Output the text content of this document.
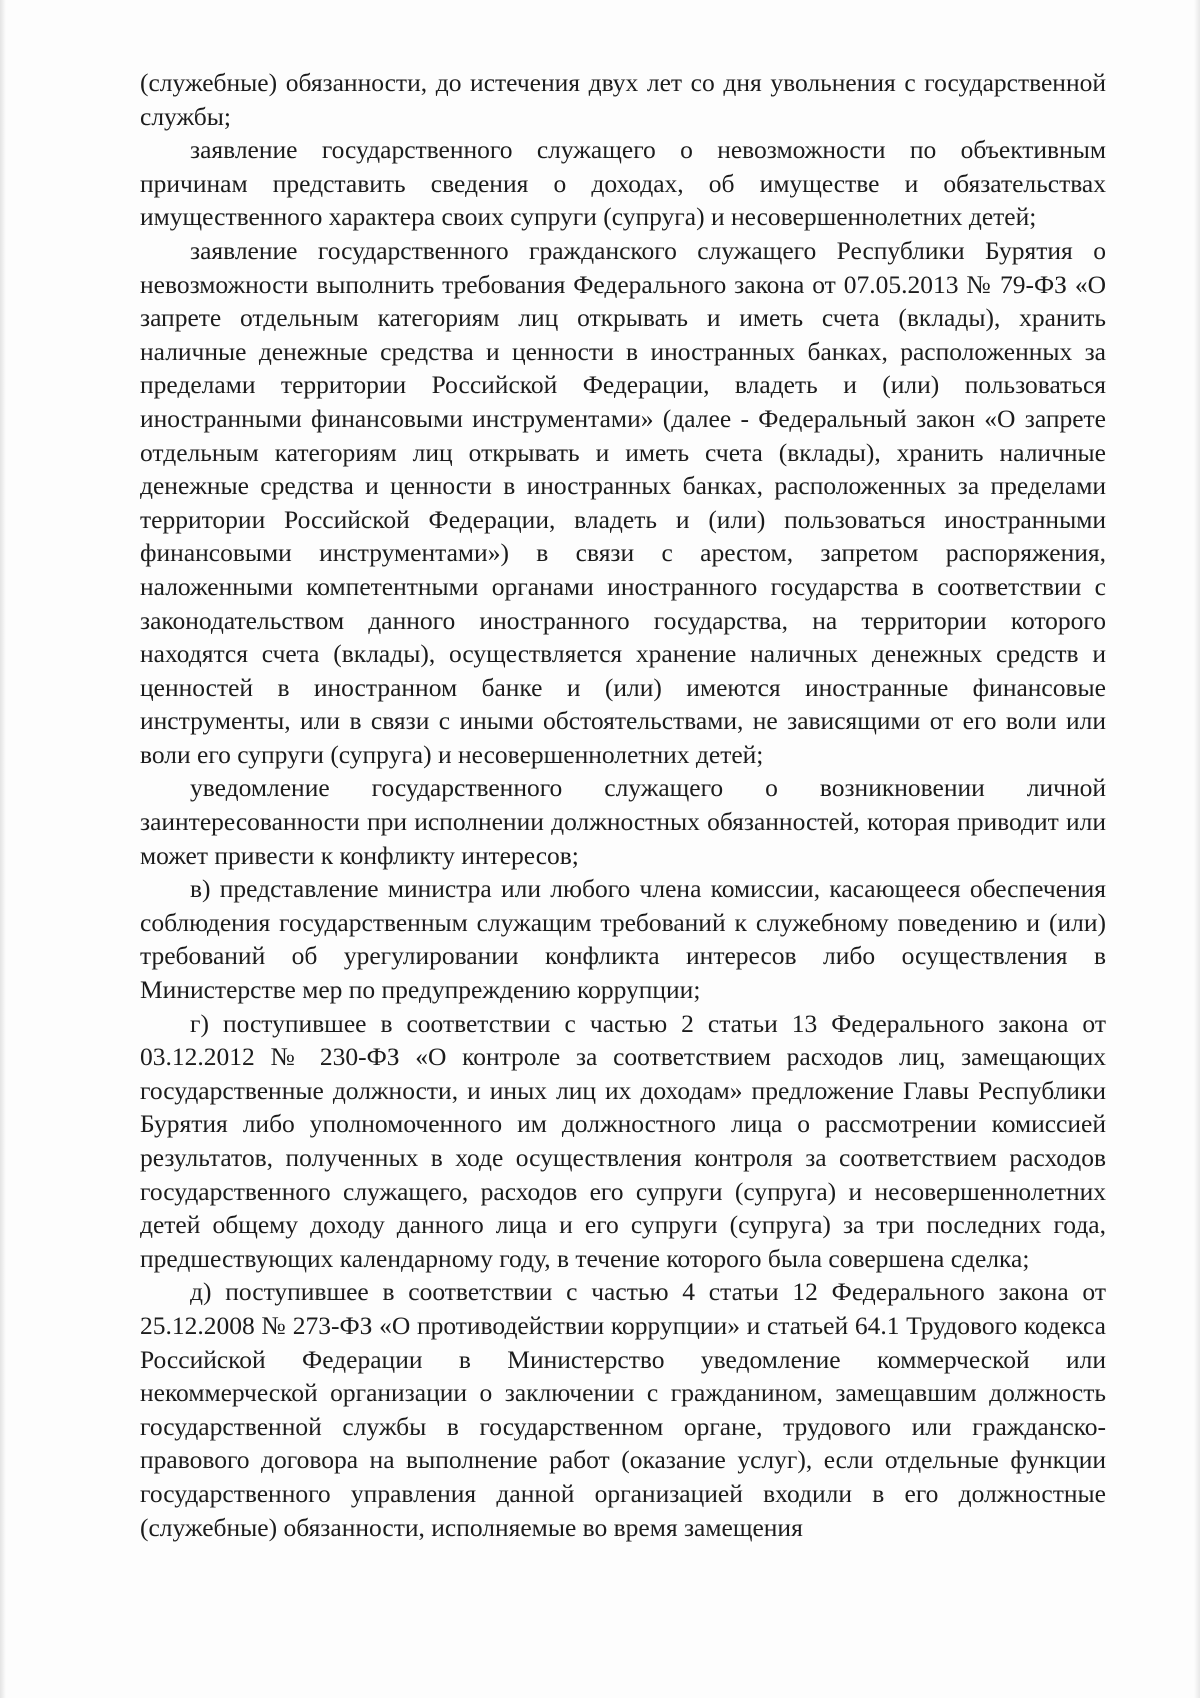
(служебные) обязанности, до истечения двух лет со дня увольнения с государственной службы;

заявление государственного служащего о невозможности по объективным причинам представить сведения о доходах, об имуществе и обязательствах имущественного характера своих супруги (супруга) и несовершеннолетних детей;

заявление государственного гражданского служащего Республики Бурятия о невозможности выполнить требования Федерального закона от 07.05.2013 № 79-ФЗ «О запрете отдельным категориям лиц открывать и иметь счета (вклады), хранить наличные денежные средства и ценности в иностранных банках, расположенных за пределами территории Российской Федерации, владеть и (или) пользоваться иностранными финансовыми инструментами» (далее - Федеральный закон «О запрете отдельным категориям лиц открывать и иметь счета (вклады), хранить наличные денежные средства и ценности в иностранных банках, расположенных за пределами территории Российской Федерации, владеть и (или) пользоваться иностранными финансовыми инструментами») в связи с арестом, запретом распоряжения, наложенными компетентными органами иностранного государства в соответствии с законодательством данного иностранного государства, на территории которого находятся счета (вклады), осуществляется хранение наличных денежных средств и ценностей в иностранном банке и (или) имеются иностранные финансовые инструменты, или в связи с иными обстоятельствами, не зависящими от его воли или воли его супруги (супруга) и несовершеннолетних детей;

уведомление государственного служащего о возникновении личной заинтересованности при исполнении должностных обязанностей, которая приводит или может привести к конфликту интересов;

в) представление министра или любого члена комиссии, касающееся обеспечения соблюдения государственным служащим требований к служебному поведению и (или) требований об урегулировании конфликта интересов либо осуществления в Министерстве мер по предупреждению коррупции;

г) поступившее в соответствии с частью 2 статьи 13 Федерального закона от 03.12.2012 № 230-ФЗ «О контроле за соответствием расходов лиц, замещающих государственные должности, и иных лиц их доходам» предложение Главы Республики Бурятия либо уполномоченного им должностного лица о рассмотрении комиссией результатов, полученных в ходе осуществления контроля за соответствием расходов государственного служащего, расходов его супруги (супруга) и несовершеннолетних детей общему доходу данного лица и его супруги (супруга) за три последних года, предшествующих календарному году, в течение которого была совершена сделка;

д) поступившее в соответствии с частью 4 статьи 12 Федерального закона от 25.12.2008 № 273-ФЗ «О противодействии коррупции» и статьей 64.1 Трудового кодекса Российской Федерации в Министерство уведомление коммерческой или некоммерческой организации о заключении с гражданином, замещавшим должность государственной службы в государственном органе, трудового или гражданско-правового договора на выполнение работ (оказание услуг), если отдельные функции государственного управления данной организацией входили в его должностные (служебные) обязанности, исполняемые во время замещения
